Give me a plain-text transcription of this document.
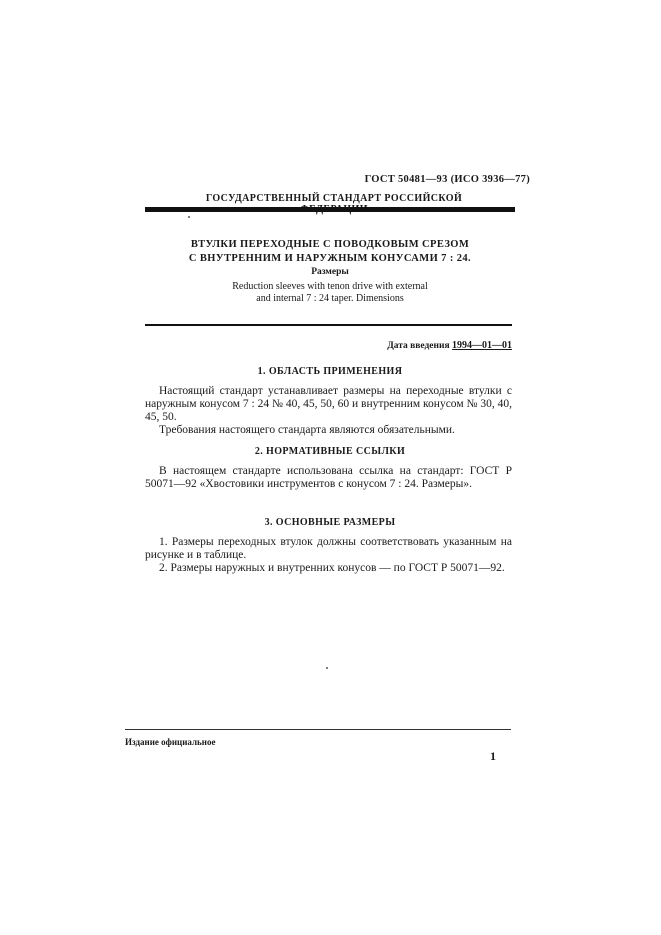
ГОСТ 50481—93 (ИСО 3936—77)
ГОСУДАРСТВЕННЫЙ СТАНДАРТ РОССИЙСКОЙ
ВТУЛКИ ПЕРЕХОДНЫЕ С ПОВОДКОВЫМ СРЕЗОМ
С ВНУТРЕННИМ И НАРУЖНЫМ КОНУСАМИ 7 : 24.
Размеры
Reduction sleeves with tenon drive with external
and internal 7 : 24 taper. Dimensions
Дата введения 1994—01—01
1. ОБЛАСТЬ ПРИМЕНЕНИЯ
Настоящий стандарт устанавливает размеры на переходные втулки с наружным конусом 7 : 24 № 40, 45, 50, 60 и внутренним конусом № 30, 40, 45, 50.
Требования настоящего стандарта являются обязательными.
2. НОРМАТИВНЫЕ ССЫЛКИ
В настоящем стандарте использована ссылка на стандарт: ГОСТ Р 50071—92 «Хвостовики инструментов с конусом 7 : 24. Размеры».
3. ОСНОВНЫЕ РАЗМЕРЫ
1. Размеры переходных втулок должны соответствовать указанным на рисунке и в таблице.
2. Размеры наружных и внутренних конусов — по ГОСТ Р 50071—92.
Издание официальное
1
